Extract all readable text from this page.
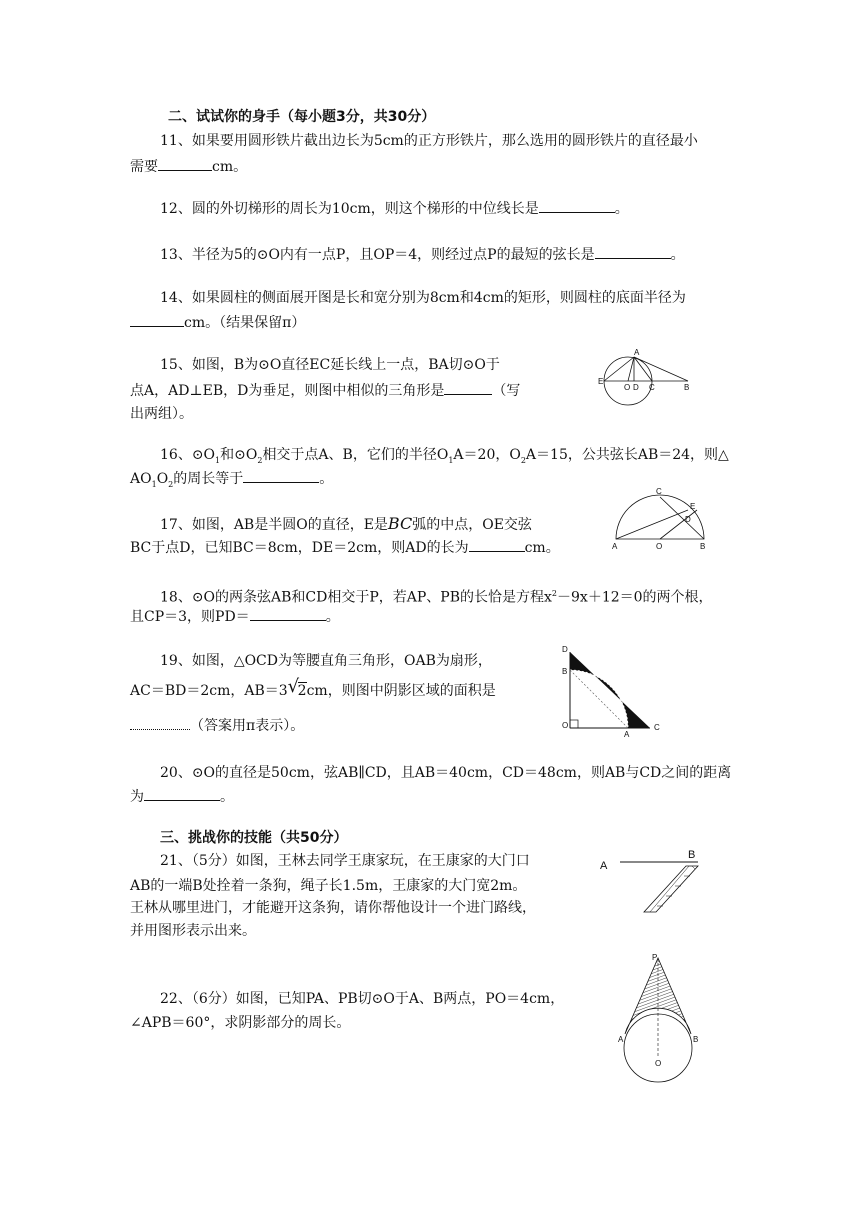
二、试试你的身手（每小题3分，共30分）
11、如果要用圆形铁片截出边长为5cm的正方形铁片，那么选用的圆形铁片的直径最小
需要	cm。
12、圆的外切梯形的周长为10cm，则这个梯形的中位线长是	。
13、半径为5的⊙O内有一点P，且OP＝4，则经过点P的最短的弦长是	。
14、如果圆柱的侧面展开图是长和宽分别为8cm和4cm的矩形，则圆柱的底面半径为
cm。（结果保留π）
15、如图，B为⊙O直径EC延长线上一点，BA切⊙O于
点A，AD⊥EB，D为垂足，则图中相似的三角形是	（写
出两组）。
A
E
O D C	B
16、$⊙O_1$和$⊙O_2$相交于点A、B，它们的半径$O_1A=20$，$O_2A=15$，公共弦长AB＝24，则△
$AO_1O_2$的周长等于	。
17、如图，AB是半圆O的直径，E是BC弧的中点，OE交弦
BC于点D，已知BC＝8cm，DE＝2cm，则AD的长为	cm。
C
E
D
A	O	B
18、⊙O的两条弦AB和CD相交于P，若AP、PB的长恰是方程$x^2-9x+12=0$的两个根，
且CP＝3，则PD＝	。
19、如图，△OCD为等腰直角三角形，OAB为扇形，
AC＝BD＝2cm，AB＝3 √
2cm，则图中阴影区域的面积是
（答案用π表示）。
D
B
O
A
C
20、⊙O的直径是50cm，弦AB∥CD，且AB＝40cm，CD＝48cm，则AB与CD之间的距离
为	。
三、挑战你的技能（共50分）
21、（5分）如图，王林去同学王康家玩，在王康家的大门口
AB的一端B处拴着一条狗，绳子长1.5m，王康家的大门宽2m。
王林从哪里进门，才能避开这条狗，请你帮他设计一个进门路线，
并用图形表示出来。
A
B
22、（6分）如图，已知PA、PB切⊙O于A、B两点，PO＝4cm，
∠APB＝60°，求阴影部分的周长。
P
A	B
O
